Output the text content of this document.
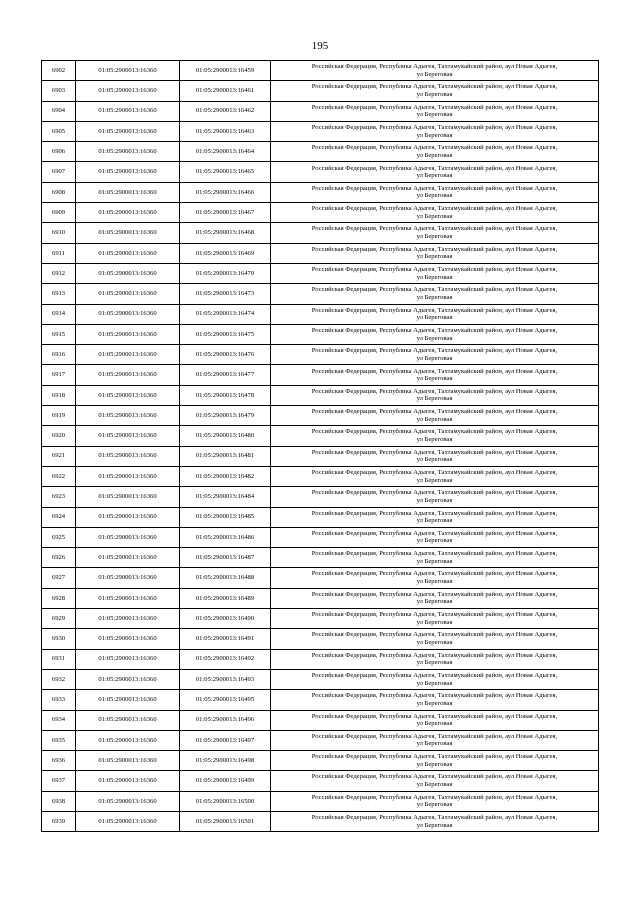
195
6902	01:05:2900013:16360	01:05:2900013:16459	Российская Федерация, Республика Адыгея, Тахтамукайский район, аул Новая Адыгея,
ул Береговая

6903	01:05:2900013:16360	01:05:2900013:16461	Российская Федерация, Республика Адыгея, Тахтамукайский район, аул Новая Адыгея,
ул Береговая

6904	01:05:2900013:16360	01:05:2900013:16462	Российская Федерация, Республика Адыгея, Тахтамукайский район, аул Новая Адыгея,
ул Береговая

6905	01:05:2900013:16360	01:05:2900013:16463	Российская Федерация, Республика Адыгея, Тахтамукайский район, аул Новая Адыгея,
ул Береговая

6906	01:05:2900013:16360	01:05:2900013:16464	Российская Федерация, Республика Адыгея, Тахтамукайский район, аул Новая Адыгея,
ул Береговая

6907	01:05:2900013:16360	01:05:2900013:16465	Российская Федерация, Республика Адыгея, Тахтамукайский район, аул Новая Адыгея,
ул Береговая

6908	01:05:2900013:16360	01:05:2900013:16466	Российская Федерация, Республика Адыгея, Тахтамукайский район, аул Новая Адыгея,
ул Береговая

6909	01:05:2900013:16360	01:05:2900013:16467	Российская Федерация, Республика Адыгея, Тахтамукайский район, аул Новая Адыгея,
ул Береговая

6910	01:05:2900013:16360	01:05:2900013:16468	Российская Федерация, Республика Адыгея, Тахтамукайский район, аул Новая Адыгея,
ул Береговая

6911	01:05:2900013:16360	01:05:2900013:16469	Российская Федерация, Республика Адыгея, Тахтамукайский район, аул Новая Адыгея,
ул Береговая

6912	01:05:2900013:16360	01:05:2900013:16470	Российская Федерация, Республика Адыгея, Тахтамукайский район, аул Новая Адыгея,
ул Береговая

6913	01:05:2900013:16360	01:05:2900013:16473	Российская Федерация, Республика Адыгея, Тахтамукайский район, аул Новая Адыгея,
ул Береговая

6914	01:05:2900013:16360	01:05:2900013:16474	Российская Федерация, Республика Адыгея, Тахтамукайский район, аул Новая Адыгея,
ул Береговая

6915	01:05:2900013:16360	01:05:2900013:16475	Российская Федерация, Республика Адыгея, Тахтамукайский район, аул Новая Адыгея,
ул Береговая

6916	01:05:2900013:16360	01:05:2900013:16476	Российская Федерация, Республика Адыгея, Тахтамукайский район, аул Новая Адыгея,
ул Береговая

6917	01:05:2900013:16360	01:05:2900013:16477	Российская Федерация, Республика Адыгея, Тахтамукайский район, аул Новая Адыгея,
ул Береговая

6918	01:05:2900013:16360	01:05:2900013:16478	Российская Федерация, Республика Адыгея, Тахтамукайский район, аул Новая Адыгея,
ул Береговая

6919	01:05:2900013:16360	01:05:2900013:16479	Российская Федерация, Республика Адыгея, Тахтамукайский район, аул Новая Адыгея,
ул Береговая

6920	01:05:2900013:16360	01:05:2900013:16480	Российская Федерация, Республика Адыгея, Тахтамукайский район, аул Новая Адыгея,
ул Береговая

6921	01:05:2900013:16360	01:05:2900013:16481	Российская Федерация, Республика Адыгея, Тахтамукайский район, аул Новая Адыгея,
ул Береговая

6922	01:05:2900013:16360	01:05:2900013:16482	Российская Федерация, Республика Адыгея, Тахтамукайский район, аул Новая Адыгея,
ул Береговая

6923	01:05:2900013:16360	01:05:2900013:16484	Российская Федерация, Республика Адыгея, Тахтамукайский район, аул Новая Адыгея,
ул Береговая

6924	01:05:2900013:16360	01:05:2900013:16485	Российская Федерация, Республика Адыгея, Тахтамукайский район, аул Новая Адыгея,
ул Береговая

6925	01:05:2900013:16360	01:05:2900013:16486	Российская Федерация, Республика Адыгея, Тахтамукайский район, аул Новая Адыгея,
ул Береговая

6926	01:05:2900013:16360	01:05:2900013:16487	Российская Федерация, Республика Адыгея, Тахтамукайский район, аул Новая Адыгея,
ул Береговая

6927	01:05:2900013:16360	01:05:2900013:16488	Российская Федерация, Республика Адыгея, Тахтамукайский район, аул Новая Адыгея,
ул Береговая

6928	01:05:2900013:16360	01:05:2900013:16489	Российская Федерация, Республика Адыгея, Тахтамукайский район, аул Новая Адыгея,
ул Береговая

6929	01:05:2900013:16360	01:05:2900013:16490	Российская Федерация, Республика Адыгея, Тахтамукайский район, аул Новая Адыгея,
ул Береговая

6930	01:05:2900013:16360	01:05:2900013:16491	Российская Федерация, Республика Адыгея, Тахтамукайский район, аул Новая Адыгея,
ул Береговая

6931	01:05:2900013:16360	01:05:2900013:16492	Российская Федерация, Республика Адыгея, Тахтамукайский район, аул Новая Адыгея,
ул Береговая

6932	01:05:2900013:16360	01:05:2900013:16493	Российская Федерация, Республика Адыгея, Тахтамукайский район, аул Новая Адыгея,
ул Береговая

6933	01:05:2900013:16360	01:05:2900013:16495	Российская Федерация, Республика Адыгея, Тахтамукайский район, аул Новая Адыгея,
ул Береговая

6934	01:05:2900013:16360	01:05:2900013:16496	Российская Федерация, Республика Адыгея, Тахтамукайский район, аул Новая Адыгея,
ул Береговая

6935	01:05:2900013:16360	01:05:2900013:16497	Российская Федерация, Республика Адыгея, Тахтамукайский район, аул Новая Адыгея,
ул Береговая

6936	01:05:2900013:16360	01:05:2900013:16498	Российская Федерация, Республика Адыгея, Тахтамукайский район, аул Новая Адыгея,
ул Береговая

6937	01:05:2900013:16360	01:05:2900013:16499	Российская Федерация, Республика Адыгея, Тахтамукайский район, аул Новая Адыгея,
ул Береговая

6938	01:05:2900013:16360	01:05:2900013:16500	Российская Федерация, Республика Адыгея, Тахтамукайский район, аул Новая Адыгея,
ул Береговая

6939	01:05:2900013:16360	01:05:2900013:16501	Российская Федерация, Республика Адыгея, Тахтамукайский район, аул Новая Адыгея,
ул Береговая
